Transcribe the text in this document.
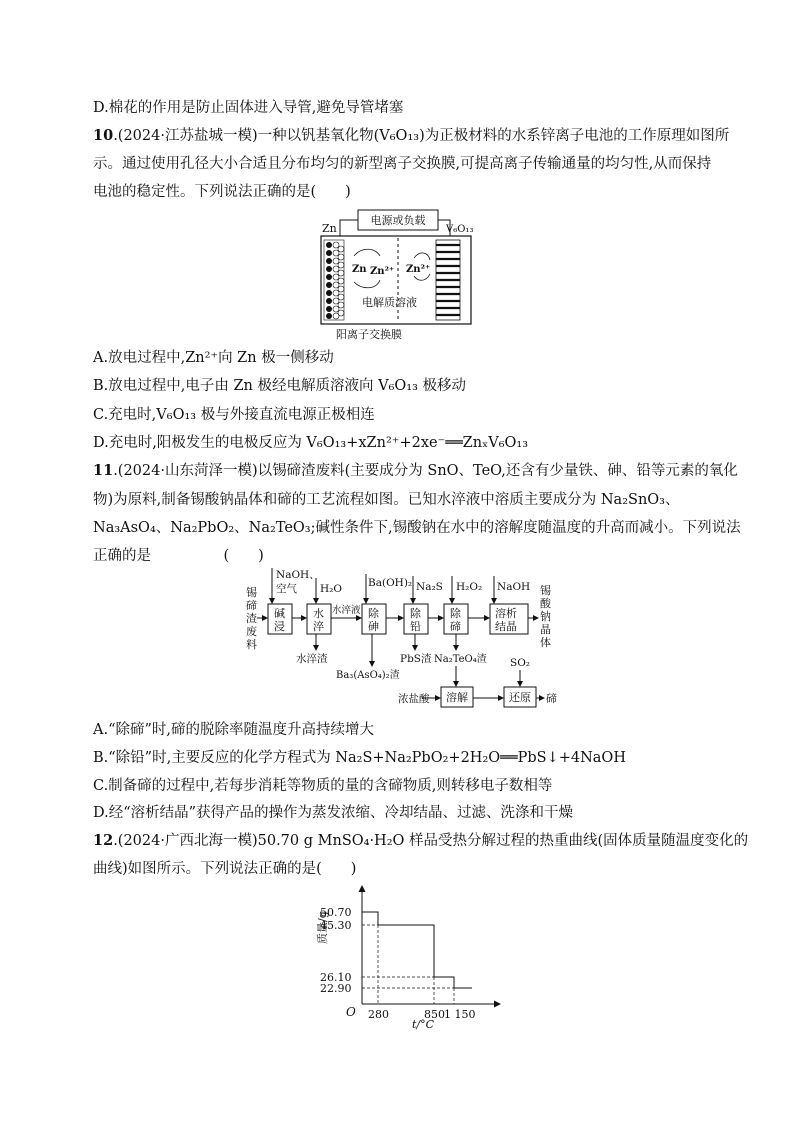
D.棉花的作用是防止固体进入导管,避免导管堵塞
10.(2024·江苏盐城一模)一种以钒基氧化物(V₆O₁₃)为正极材料的水系锌离子电池的工作原理如图所
示。通过使用孔径大小合适且分布均匀的新型离子交换膜,可提高离子传输通量的均匀性,从而保持
电池的稳定性。下列说法正确的是(　　)
电源或负载
Zn	V₆O₁₃
Zn Zn²⁺ Zn²⁺
电解质溶液
阳离子交换膜
A.放电过程中,Zn²⁺向 Zn 极一侧移动
B.放电过程中,电子由 Zn 极经电解质溶液向 V₆O₁₃ 极移动
C.充电时,V₆O₁₃ 极与外接直流电源正极相连
D.充电时,阳极发生的电极反应为 V₆O₁₃+xZn²⁺+2xe⁻══ZnₓV₆O₁₃
11.(2024·山东菏泽一模)以锡碲渣废料(主要成分为 SnO、TeO,还含有少量铁、砷、铅等元素的氧化
物)为原料,制备锡酸钠晶体和碲的工艺流程如图。已知水淬液中溶质主要成分为 Na₂SnO₃、
Na₃AsO₄、Na₂PbO₂、Na₂TeO₃;碱性条件下,锡酸钠在水中的溶解度随温度的升高而减小。下列说法
正确的是　　　　　(　　)
锡碲渣废料
碱浸
水淬
水淬液 除砷
除铅
除碲
溶析结晶
锡酸钠晶体
NaOH、
空气 H₂O Ba(OH)₂ Na₂S H₂O₂ NaOH
水淬渣
Ba₃(AsO₄)₂渣
PbS渣 Na₂TeO₄渣
浓盐酸 溶解
SO₂
还原 碲
A.“除碲”时,碲的脱除率随温度升高持续增大
B.“除铅”时,主要反应的化学方程式为 Na₂S+Na₂PbO₂+2H₂O══PbS↓+4NaOH
C.制备碲的过程中,若每步消耗等物质的量的含碲物质,则转移电子数相等
D.经“溶析结晶”获得产品的操作为蒸发浓缩、冷却结晶、过滤、洗涤和干燥
12.(2024·广西北海一模)50.70 g MnSO₄·H₂O 样品受热分解过程的热重曲线(固体质量随温度变化的
曲线)如图所示。下列说法正确的是(　　)
O
质量/g
t/°C
50.70
45.30
26.10
22.90
280	850 1 150
